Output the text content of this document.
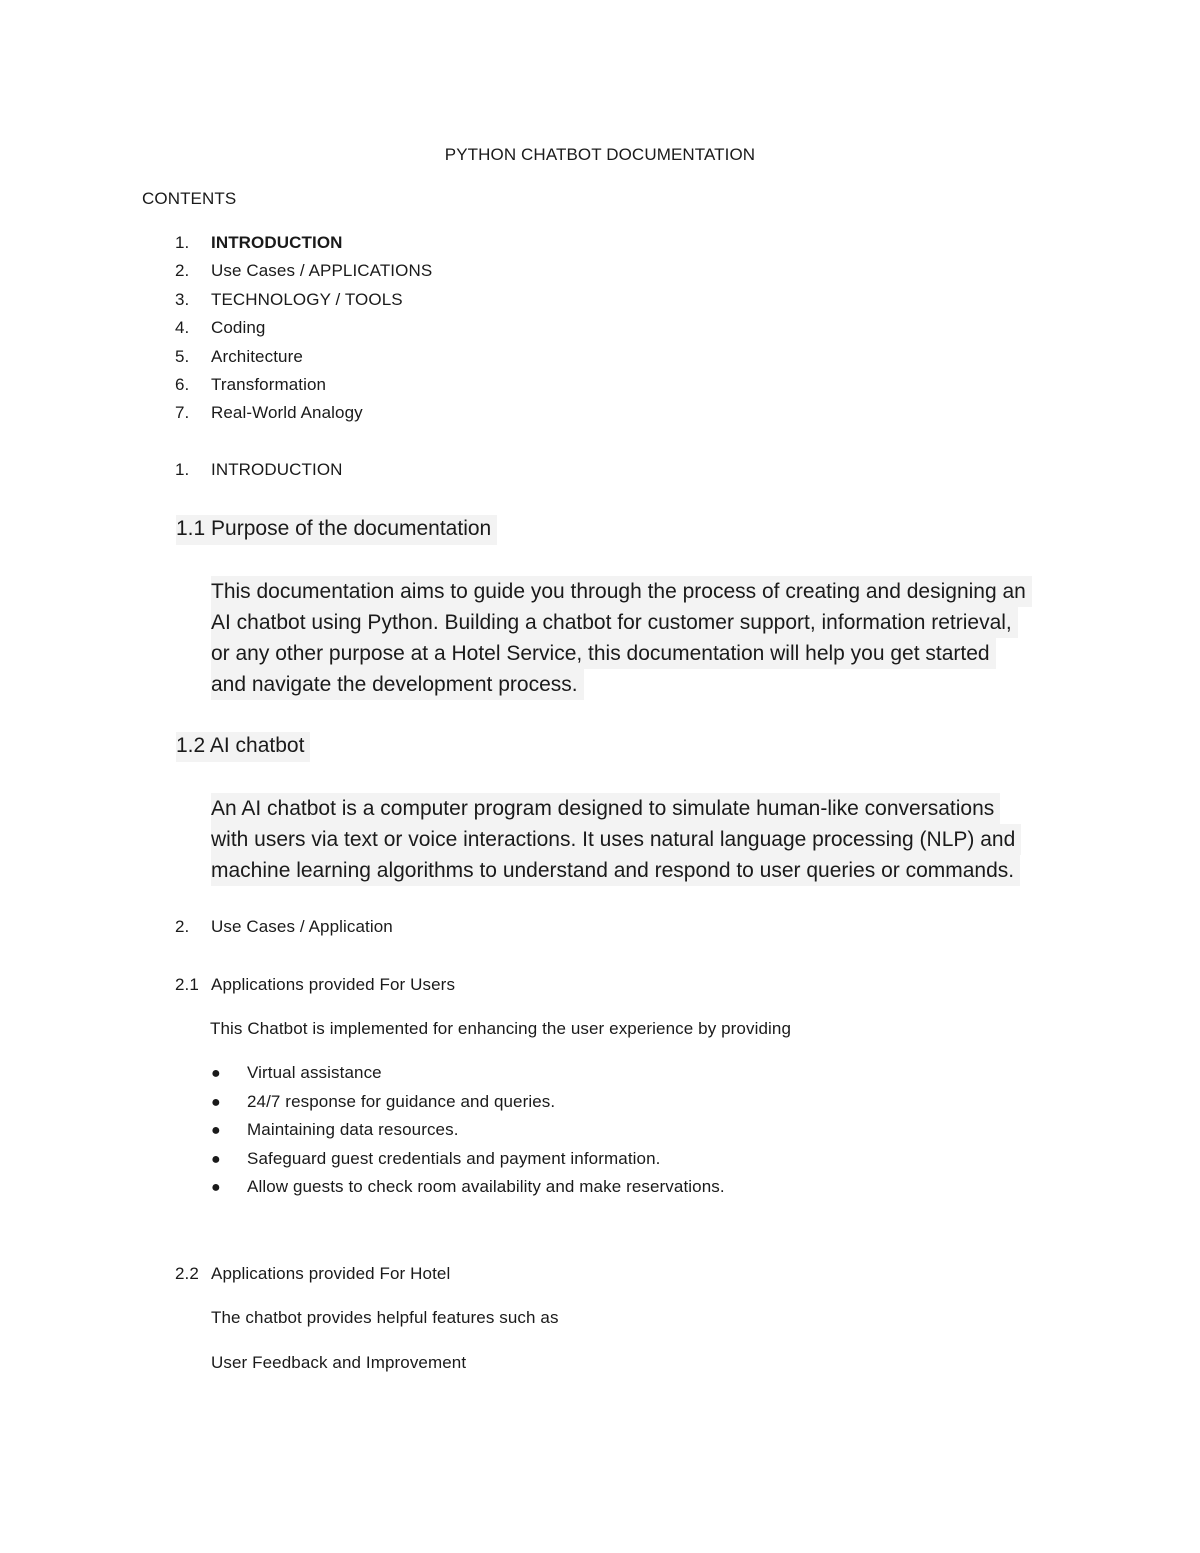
PYTHON CHATBOT DOCUMENTATION
CONTENTS
1. INTRODUCTION
2. Use Cases / APPLICATIONS
3. TECHNOLOGY / TOOLS
4. Coding
5. Architecture
6. Transformation
7. Real-World Analogy
1. INTRODUCTION
1.1 Purpose of the documentation
This documentation aims to guide you through the process of creating and designing an
AI chatbot using Python. Building a chatbot for customer support, information retrieval,
or any other purpose at a Hotel Service, this documentation will help you get started
and navigate the development process.
1.2 AI chatbot
An AI chatbot is a computer program designed to simulate human-like conversations
with users via text or voice interactions. It uses natural language processing (NLP) and
machine learning algorithms to understand and respond to user queries or commands.
2. Use Cases / Application
2.1 Applications provided For Users
This Chatbot is implemented for enhancing the user experience by providing
● Virtual assistance
● 24/7 response for guidance and queries.
● Maintaining data resources.
● Safeguard guest credentials and payment information.
● Allow guests to check room availability and make reservations.
2.2 Applications provided For Hotel
The chatbot provides helpful features such as
User Feedback and Improvement
